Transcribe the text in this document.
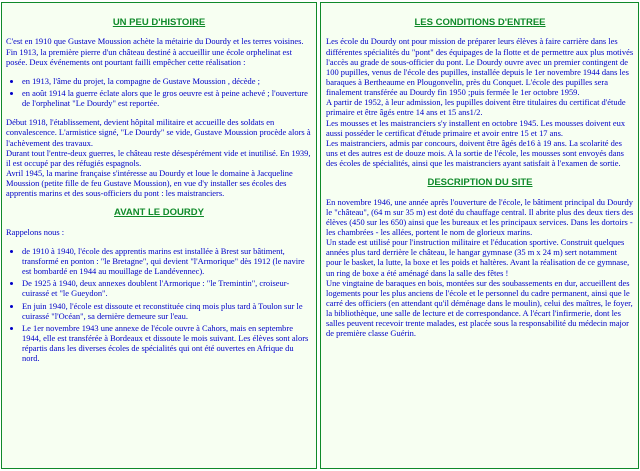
UN PEU D'HISTOIRE

C'est en 1910 que Gustave Moussion achète la métairie du Dourdy et les terres voisines. Fin 1913, la première pierre d'un château destiné à accueillir une école orphelinat est posée. Deux événements ont pourtant failli empêcher cette réalisation :

• en 1913, l'âme du projet, la compagne de Gustave Moussion , décède ;
• en août 1914 la guerre éclate alors que le gros oeuvre est à peine achevé ; l'ouverture de l'orphelinat "Le Dourdy" est reportée.

Début 1918, l'établissement, devient hôpital militaire et accueille des soldats en convalescence. L'armistice signé, "Le Dourdy" se vide, Gustave Moussion procède alors à l'achèvement des travaux.
Durant tout l'entre-deux guerres, le château reste désespérément vide et inutilisé. En 1939, il est occupé par des réfugiés espagnols.
Avril 1945, la marine française s'intéresse au Dourdy et loue le domaine à Jacqueline Moussion (petite fille de feu Gustave Moussion), en vue d'y installer ses écoles des apprentis marins et des sous-officiers du pont : les maistranciers.

AVANT LE DOURDY

Rappelons nous :

• de 1910 à 1940, l'école des apprentis marins est installée à Brest sur bâtiment, transformé en ponton : "le Bretagne", qui devient "l'Armorique" dès 1912 (le navire est bombardé en 1944 au mouillage de Landévennec).
• De 1925 à 1940, deux annexes doublent l'Armorique : "le Tremintin", croiseur-cuirassé et "le Gueydon".
• En juin 1940, l'école est dissoute et reconstituée cinq mois plus tard à Toulon sur le cuirassé "l'Océan", sa dernière demeure sur l'eau.
• Le 1er novembre 1943 une annexe de l'école ouvre à Cahors, mais en septembre 1944, elle est transférée à Bordeaux et dissoute le mois suivant. Les élèves sont alors répartis dans les diverses écoles de spécialités qui ont été ouvertes en Afrique du nord.
LES CONDITIONS D'ENTREE

Les école du Dourdy ont pour mission de préparer leurs élèves à faire carrière dans les différentes spécialités du "pont" des équipages de la flotte et de permettre aux plus motivés l'accès au grade de sous-officier du pont. Le Dourdy ouvre avec un premier contingent de 100 pupilles, venus de l'école des pupilles, installée depuis le 1er novembre 1944 dans les baraques à Bertheaume en Plougonvelin, près du Conquet. L'école des pupilles sera finalement transférée au Dourdy fin 1950 ;puis fermée le 1er octobre 1959.
A partir de 1952, à leur admission, les pupilles doivent être titulaires du certificat d'étude primaire et être âgés entre 14 ans et 15 ans1/2.
Les mousses et les maistranciers s'y installent en octobre 1945. Les mousses doivent eux aussi posséder le certificat d'étude primaire et avoir entre 15 et 17 ans.
Les maistranciers, admis par concours, doivent être âgés de16 à 19 ans. La scolarité des uns et des autres est de douze mois. A la sortie de l'école, les mousses sont envoyés dans des écoles de spécialités, ainsi que les maistranciers ayant satisfait à l'examen de sortie.

DESCRIPTION DU SITE

En novembre 1946, une année après l'ouverture de l'école, le bâtiment principal du Dourdy le "château", (64 m sur 35 m) est doté du chauffage central. Il abrite plus des deux tiers des élèves (450 sur les 650) ainsi que les bureaux et les principaux services. Dans les dortoirs - les chambrées - les allées, portent le nom de glorieux marins.
Un stade est utilisé pour l'instruction militaire et l'éducation sportive. Construit quelques années plus tard derrière le château, le hangar gymnase (35 m x 24 m) sert notamment pour le basket, la lutte, la boxe et les poids et haltères. Avant la réalisation de ce gymnase, un ring de boxe a été aménagé dans la salle des fêtes !
Une vingtaine de baraques en bois, montées sur des soubassements en dur, accueillent des logements pour les plus anciens de l'école et le personnel du cadre permanent, ainsi que le carré des officiers (en attendant qu'il déménage dans le moulin), celui des maîtres, le foyer, la bibliothèque, une salle de lecture et de correspondance. A l'écart l'infirmerie, dont les salles peuvent recevoir trente malades, est placée sous la responsabilité du médecin major de première classe Guérin.
